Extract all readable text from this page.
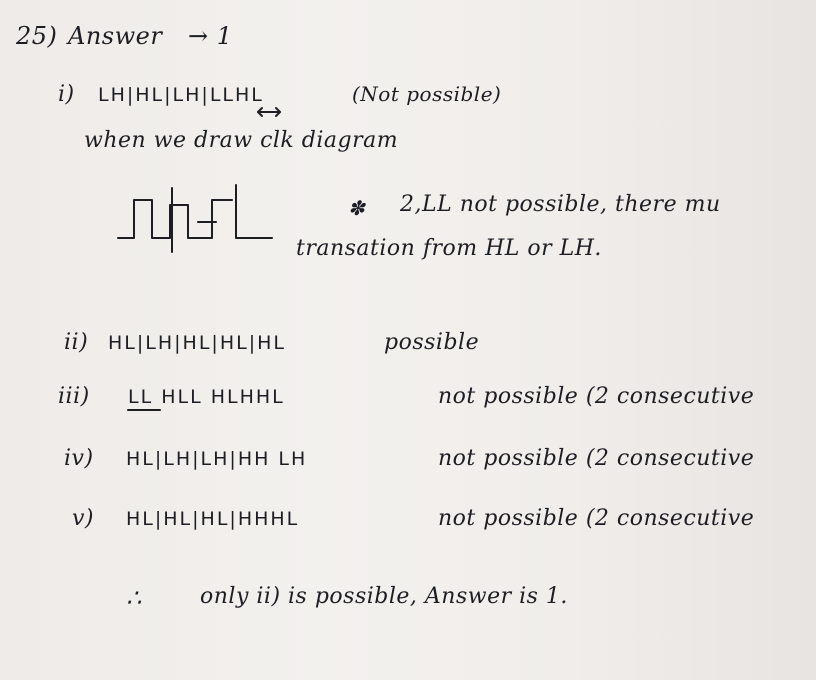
25) Answer → 1
i) LH|HL|LH|LLHL	(Not possible)
when we draw clk diagram
✽ 2,LL not possible, there mu
transation from HL or LH.
ii) HL|LH|HL|HL|HL	possible
iii) LL HLL HLHHL	not possible (2 consecutive
iv) HL|LH|LH|HH LH	not possible (2 consecutive
v) HL|HL|HL|HHHL	not possible (2 consecutive
∴	only ii) is possible, Answer is 1.
